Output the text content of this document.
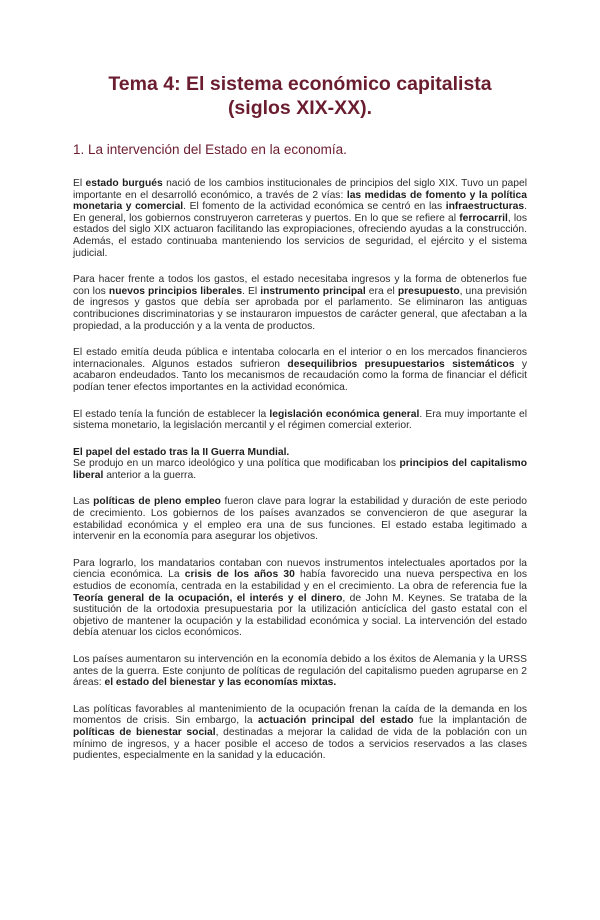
Tema 4: El sistema económico capitalista
(siglos XIX-XX).
1. La intervención del Estado en la economía.

El estado burgués nació de los cambios institucionales de principios del siglo XIX. Tuvo un papel importante en el desarrolló económico, a través de 2 vías: las medidas de fomento y la política monetaria y comercial. El fomento de la actividad económica se centró en las infraestructuras. En general, los gobiernos construyeron carreteras y puertos. En lo que se refiere al ferrocarril, los estados del siglo XIX actuaron facilitando las expropiaciones, ofreciendo ayudas a la construcción. Además, el estado continuaba manteniendo los servicios de seguridad, el ejército y el sistema judicial.

Para hacer frente a todos los gastos, el estado necesitaba ingresos y la forma de obtenerlos fue con los nuevos principios liberales. El instrumento principal era el presupuesto, una previsión de ingresos y gastos que debía ser aprobada por el parlamento. Se eliminaron las antiguas contribuciones discriminatorias y se instauraron impuestos de carácter general, que afectaban a la propiedad, a la producción y a la venta de productos.

El estado emitía deuda pública e intentaba colocarla en el interior o en los mercados financieros internacionales. Algunos estados sufrieron desequilibrios presupuestarios sistemáticos y acabaron endeudados. Tanto los mecanismos de recaudación como la forma de financiar el déficit podían tener efectos importantes en la actividad económica.

El estado tenía la función de establecer la legislación económica general. Era muy importante el sistema monetario, la legislación mercantil y el régimen comercial exterior.

El papel del estado tras la II Guerra Mundial.

Se produjo en un marco ideológico y una política que modificaban los principios del capitalismo liberal anterior a la guerra.

Las políticas de pleno empleo fueron clave para lograr la estabilidad y duración de este periodo de crecimiento. Los gobiernos de los países avanzados se convencieron de que asegurar la estabilidad económica y el empleo era una de sus funciones. El estado estaba legitimado a intervenir en la economía para asegurar los objetivos.

Para lograrlo, los mandatarios contaban con nuevos instrumentos intelectuales aportados por la ciencia económica. La crisis de los años 30 había favorecido una nueva perspectiva en los estudios de economía, centrada en la estabilidad y en el crecimiento. La obra de referencia fue la Teoría general de la ocupación, el interés y el dinero, de John M. Keynes. Se trataba de la sustitución de la ortodoxia presupuestaria por la utilización anticíclica del gasto estatal con el objetivo de mantener la ocupación y la estabilidad económica y social. La intervención del estado debía atenuar los ciclos económicos.

Los países aumentaron su intervención en la economía debido a los éxitos de Alemania y la URSS antes de la guerra. Este conjunto de políticas de regulación del capitalismo pueden agruparse en 2 áreas: el estado del bienestar y las economías mixtas.

Las políticas favorables al mantenimiento de la ocupación frenan la caída de la demanda en los momentos de crisis. Sin embargo, la actuación principal del estado fue la implantación de políticas de bienestar social, destinadas a mejorar la calidad de vida de la población con un mínimo de ingresos, y a hacer posible el acceso de todos a servicios reservados a las clases pudientes, especialmente en la sanidad y la educación.
